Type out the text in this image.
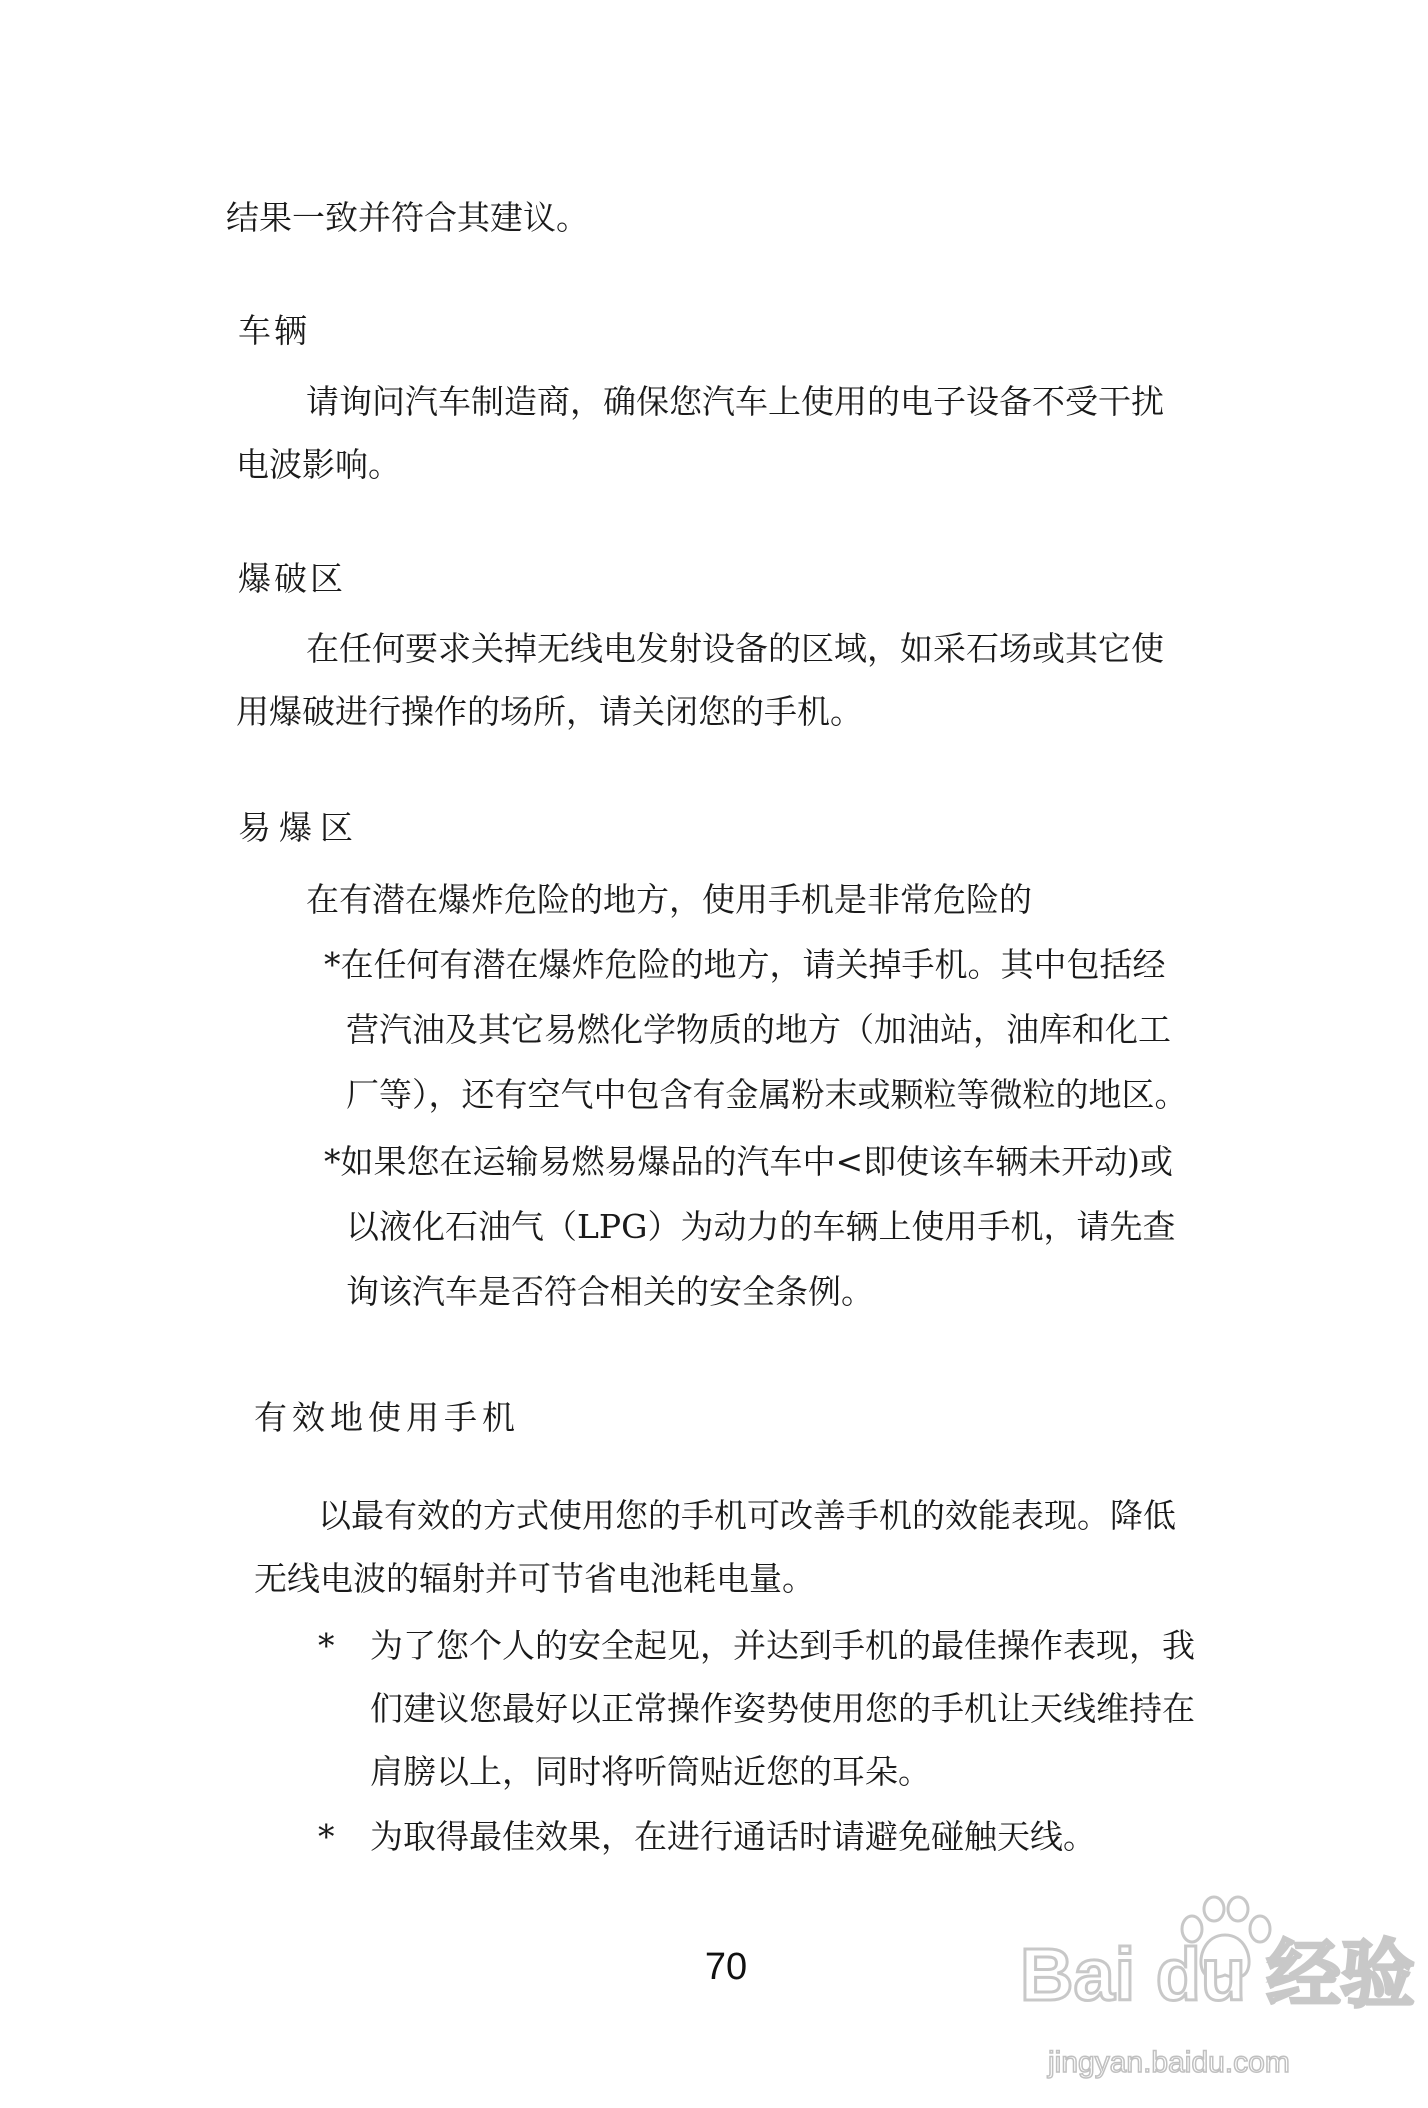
结果一致并符合其建议。
车辆
请询问汽车制造商，确保您汽车上使用的电子设备不受干扰
电波影响。
爆破区
在任何要求关掉无线电发射设备的区域，如采石场或其它使
用爆破进行操作的场所，请关闭您的手机。
易爆区
在有潜在爆炸危险的地方，使用手机是非常危险的
*在任何有潜在爆炸危险的地方，请关掉手机。其中包括经
营汽油及其它易燃化学物质的地方（加油站，油库和化工
厂等），还有空气中包含有金属粉末或颗粒等微粒的地区。
*如果您在运输易燃易爆品的汽车中<即使该车辆未开动)或
以液化石油气（LPG）为动力的车辆上使用手机，请先查
询该汽车是否符合相关的安全条例。
有效地使用手机
以最有效的方式使用您的手机可改善手机的效能表现。降低
无线电波的辐射并可节省电池耗电量。
* 为了您个人的安全起见，并达到手机的最佳操作表现，我
们建议您最好以正常操作姿势使用您的手机让天线维持在
肩膀以上，同时将听筒贴近您的耳朵。
* 为取得最佳效果，在进行通话时请避免碰触天线。
70	Bai du 经验
jingyan.baidu.com
